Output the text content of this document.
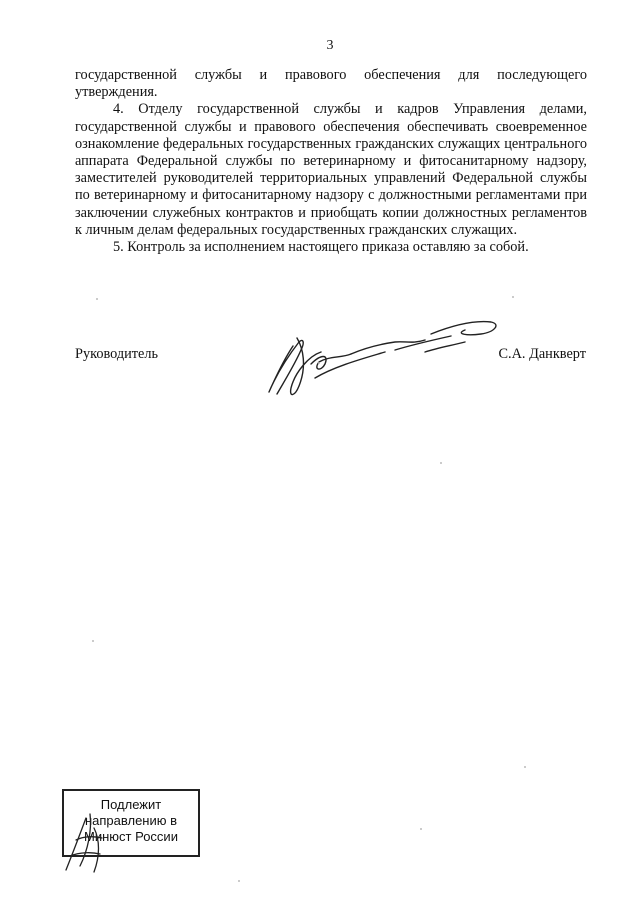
3

государственной службы и правового обеспечения для последующего утверждения.

4. Отделу государственной службы и кадров Управления делами, государственной службы и правового обеспечения обеспечивать своевременное ознакомление федеральных государственных гражданских служащих центрального аппарата Федеральной службы по ветеринарному и фитосанитарному надзору, заместителей руководителей территориальных управлений Федеральной службы по ветеринарному и фитосанитарному надзору с должностными регламентами при заключении служебных контрактов и приобщать копии должностных регламентов к личным делам федеральных государственных гражданских служащих.

5. Контроль за исполнением настоящего приказа оставляю за собой.

Руководитель	С.А. Данкверт
Подлежит
направлению в
Минюст России
